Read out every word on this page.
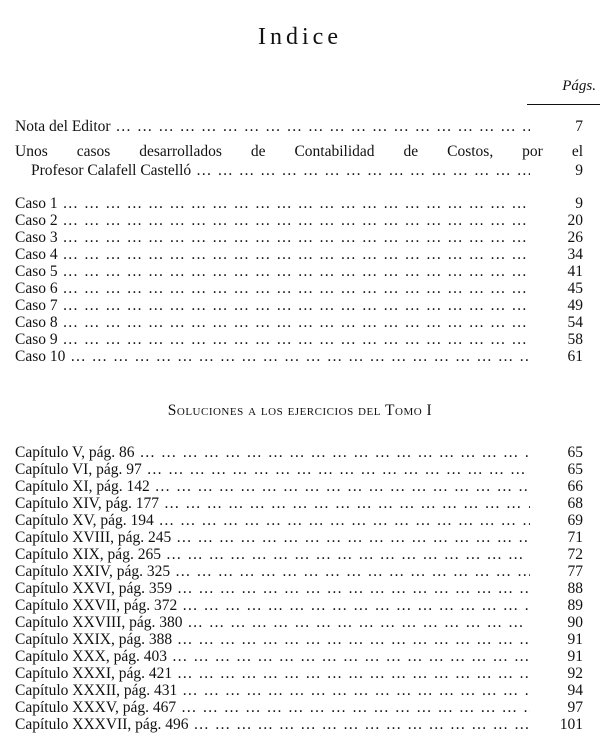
Indice
Págs.
Nota del Editor … … … … … … … … … … … … … … … … … … … … … … … … … … … … … … … … … … … … … … … … … … … … … …	7
Unos casos desarrollados de Contabilidad de Costos, por el
Profesor Calafell Castelló … … … … … … … … … … … … … … … … … … … … … … … … … … … … … … … … … … … … … … … … … … … … … …	9
Caso 1 … … … … … … … … … … … … … … … … … … … … … … … … … … … … … … … … … … … … … … … … … … … … … …	9
Caso 2 … … … … … … … … … … … … … … … … … … … … … … … … … … … … … … … … … … … … … … … … … … … … … …	20
Caso 3 … … … … … … … … … … … … … … … … … … … … … … … … … … … … … … … … … … … … … … … … … … … … … …	26
Caso 4 … … … … … … … … … … … … … … … … … … … … … … … … … … … … … … … … … … … … … … … … … … … … … …	34
Caso 5 … … … … … … … … … … … … … … … … … … … … … … … … … … … … … … … … … … … … … … … … … … … … … …	41
Caso 6 … … … … … … … … … … … … … … … … … … … … … … … … … … … … … … … … … … … … … … … … … … … … … …	45
Caso 7 … … … … … … … … … … … … … … … … … … … … … … … … … … … … … … … … … … … … … … … … … … … … … …	49
Caso 8 … … … … … … … … … … … … … … … … … … … … … … … … … … … … … … … … … … … … … … … … … … … … … …	54
Caso 9 … … … … … … … … … … … … … … … … … … … … … … … … … … … … … … … … … … … … … … … … … … … … … …	58
Caso 10 … … … … … … … … … … … … … … … … … … … … … … … … … … … … … … … … … … … … … … … … … … … … … …	61
Soluciones a los ejercicios del Tomo I
Capítulo V, pág. 86 … … … … … … … … … … … … … … … … … … … … … … … … … … … … … … … … … … … … … … … … … … … … … …	65
Capítulo VI, pág. 97 … … … … … … … … … … … … … … … … … … … … … … … … … … … … … … … … … … … … … … … … … … … … … …	65
Capítulo XI, pág. 142 … … … … … … … … … … … … … … … … … … … … … … … … … … … … … … … … … … … … … … … … … … … … … …	66
Capítulo XIV, pág. 177 … … … … … … … … … … … … … … … … … … … … … … … … … … … … … … … … … … … … … … … … … … … … … …	68
Capítulo XV, pág. 194 … … … … … … … … … … … … … … … … … … … … … … … … … … … … … … … … … … … … … … … … … … … … … …	69
Capítulo XVIII, pág. 245 … … … … … … … … … … … … … … … … … … … … … … … … … … … … … … … … … … … … … … … … … … … … … …	71
Capítulo XIX, pág. 265 … … … … … … … … … … … … … … … … … … … … … … … … … … … … … … … … … … … … … … … … … … … … … …	72
Capítulo XXIV, pág. 325 … … … … … … … … … … … … … … … … … … … … … … … … … … … … … … … … … … … … … … … … … … … … … …	77
Capítulo XXVI, pág. 359 … … … … … … … … … … … … … … … … … … … … … … … … … … … … … … … … … … … … … … … … … … … … … …	88
Capítulo XXVII, pág. 372 … … … … … … … … … … … … … … … … … … … … … … … … … … … … … … … … … … … … … … … … … … … … … …	89
Capítulo XXVIII, pág. 380 … … … … … … … … … … … … … … … … … … … … … … … … … … … … … … … … … … … … … … … … … … … … … …	90
Capítulo XXIX, pág. 388 … … … … … … … … … … … … … … … … … … … … … … … … … … … … … … … … … … … … … … … … … … … … … …	91
Capítulo XXX, pág. 403 … … … … … … … … … … … … … … … … … … … … … … … … … … … … … … … … … … … … … … … … … … … … … …	91
Capítulo XXXI, pág. 421 … … … … … … … … … … … … … … … … … … … … … … … … … … … … … … … … … … … … … … … … … … … … … …	92
Capítulo XXXII, pág. 431 … … … … … … … … … … … … … … … … … … … … … … … … … … … … … … … … … … … … … … … … … … … … … …	94
Capítulo XXXV, pág. 467 … … … … … … … … … … … … … … … … … … … … … … … … … … … … … … … … … … … … … … … … … … … … … …	97
Capítulo XXXVII, pág. 496 … … … … … … … … … … … … … … … … … … … … … … … … … … … … … … … … … … … … … … … … … … … … … …	101
